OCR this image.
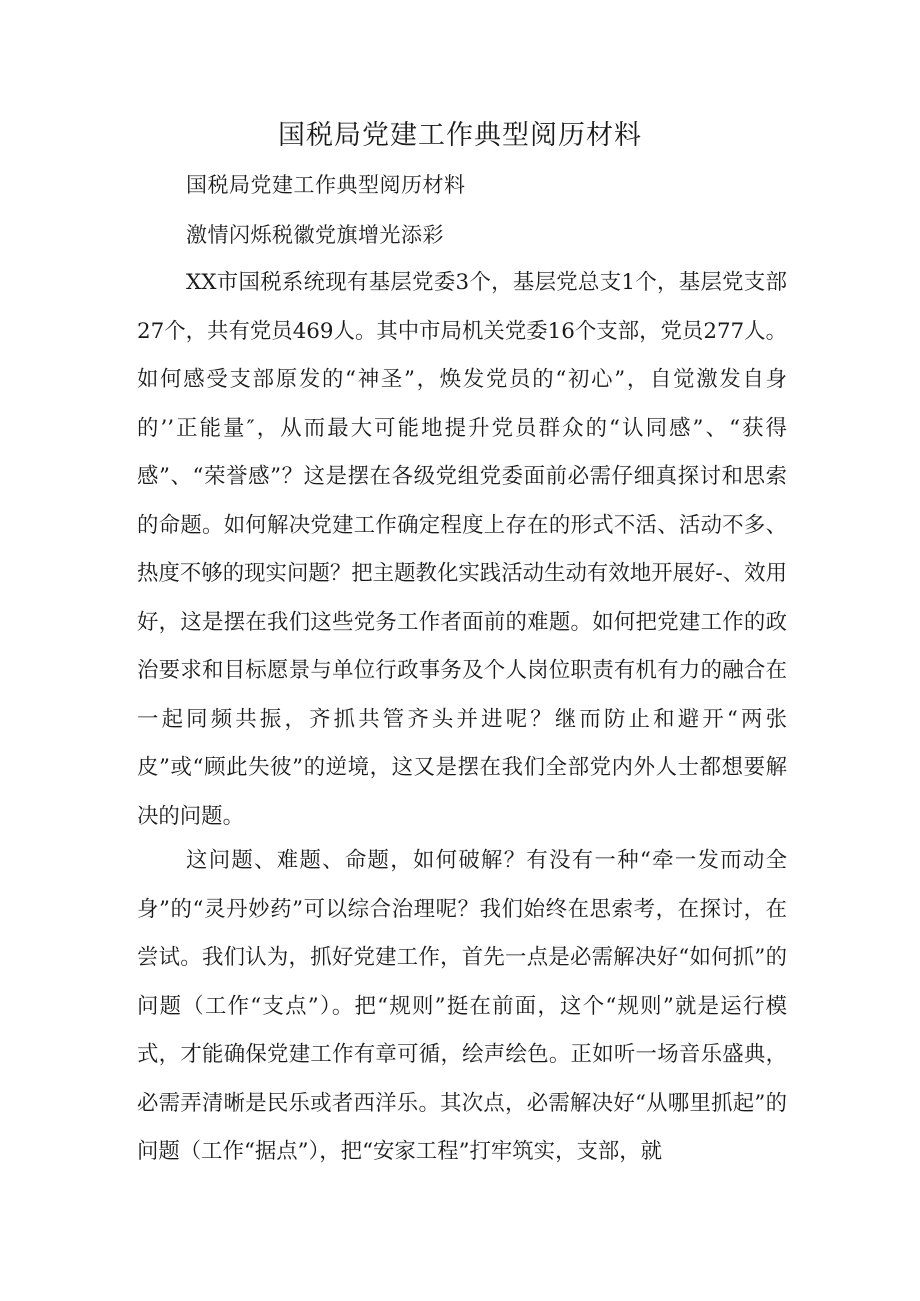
国税局党建工作典型阅历材料
国税局党建工作典型阅历材料
激情闪烁税徽党旗增光添彩

XX市国税系统现有基层党委3个，基层党总支1个，基层党支部27个，共有党员469人。其中市局机关党委16个支部，党员277人。如何感受支部原发的“神圣”，焕发党员的“初心”，自觉激发自身的’’正能量″，从而最大可能地提升党员群众的“认同感”、“获得感”、“荣誉感”？这是摆在各级党组党委面前必需仔细真探讨和思索的命题。如何解决党建工作确定程度上存在的形式不活、活动不多、热度不够的现实问题？把主题教化实践活动生动有效地开展好-、效用好，这是摆在我们这些党务工作者面前的难题。如何把党建工作的政治要求和目标愿景与单位行政事务及个人岗位职责有机有力的融合在一起同频共振，齐抓共管齐头并进呢？继而防止和避开“两张皮”或“顾此失彼”的逆境，这又是摆在我们全部党内外人士都想要解决的问题。

这问题、难题、命题，如何破解？有没有一种“牵一发而动全身”的“灵丹妙药”可以综合治理呢？我们始终在思索考，在探讨，在尝试。我们认为，抓好党建工作，首先一点是必需解决好“如何抓”的问题（工作“支点”）。把“规则”挺在前面，这个“规则”就是运行模式，才能确保党建工作有章可循，绘声绘色。正如听一场音乐盛典，必需弄清晰是民乐或者西洋乐。其次点，必需解决好“从哪里抓起”的问题（工作“据点”），把“安家工程”打牢筑实，支部，就
